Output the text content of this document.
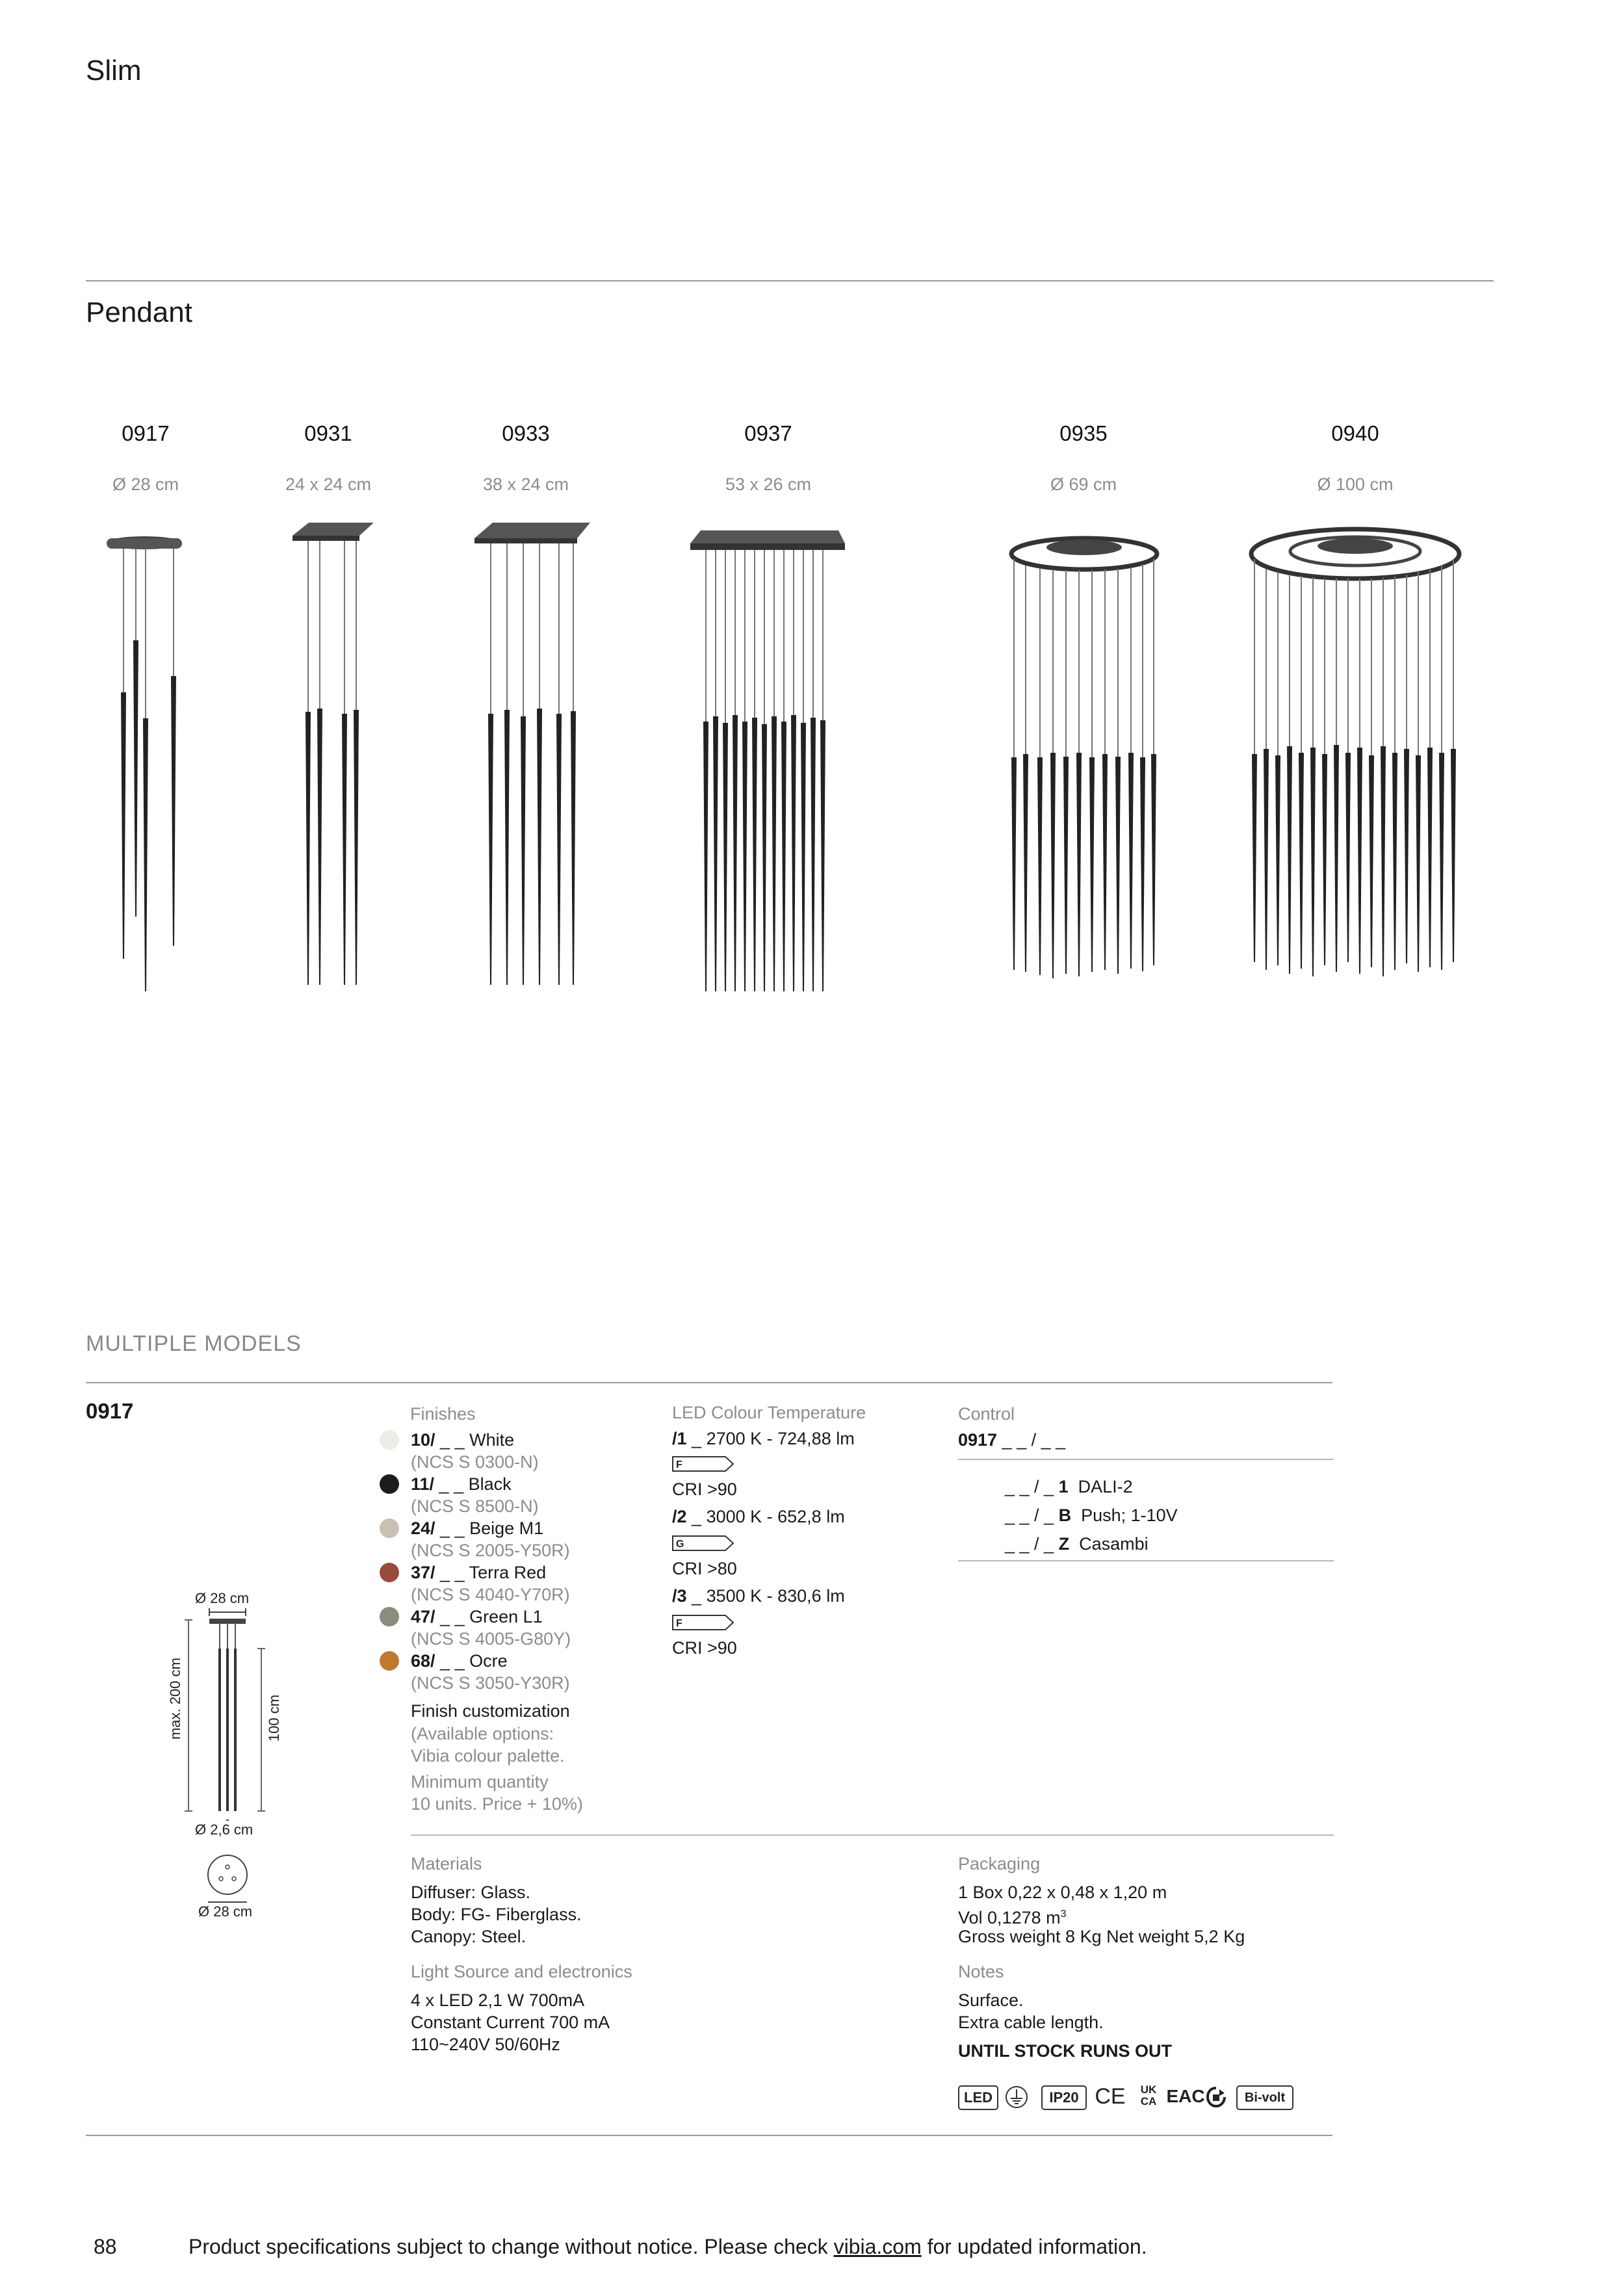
Slim
Pendant
0917
Ø 28 cm
0931
24 x 24 cm
0933
38 x 24 cm
0937
53 x 26 cm
0935
Ø 69 cm
0940
Ø 100 cm
MULTIPLE MODELS
0917
Ø 28 cm
max. 200 cm	100 cm
Ø 2,6 cm
Ø 28 cm
Finishes
10/ _ _ White
(NCS S 0300-N)
11/ _ _ Black
(NCS S 8500-N)
24/ _ _ Beige M1
(NCS S 2005-Y50R)
37/ _ _ Terra Red
(NCS S 4040-Y70R)
47/ _ _ Green L1
(NCS S 4005-G80Y)
68/ _ _ Ocre
(NCS S 3050-Y30R)
Finish customization
(Available options:
Vibia colour palette.
Minimum quantity
10 units. Price + 10%)
LED Colour Temperature
/1 _ 2700 K - 724,88 lm
F
CRI >90
/2 _ 3000 K - 652,8 lm
G
CRI >80
/3 _ 3500 K - 830,6 lm
F
CRI >90
Control
0917 _ _ / _ _
_ _ / _ 1 DALI-2
_ _ / _ B Push; 1-10V
_ _ / _ Z Casambi
Materials
Diffuser: Glass.
Body: FG- Fiberglass.
Canopy: Steel.
Light Source and electronics
4 x LED 2,1 W 700mA
Constant Current 700 mA
110~240V 50/60Hz
Packaging
1 Box 0,22 x 0,48 x 1,20 m
Vol 0,1278 $m^3$
Gross weight 8 Kg Net weight 5,2 Kg
Notes
Surface.
Extra cable length.
UNTIL STOCK RUNS OUT
LED	IP20 CE	UK
CA EAC	Bi-volt
88	Product specifications subject to change without notice. Please check vibia.com for updated information.
